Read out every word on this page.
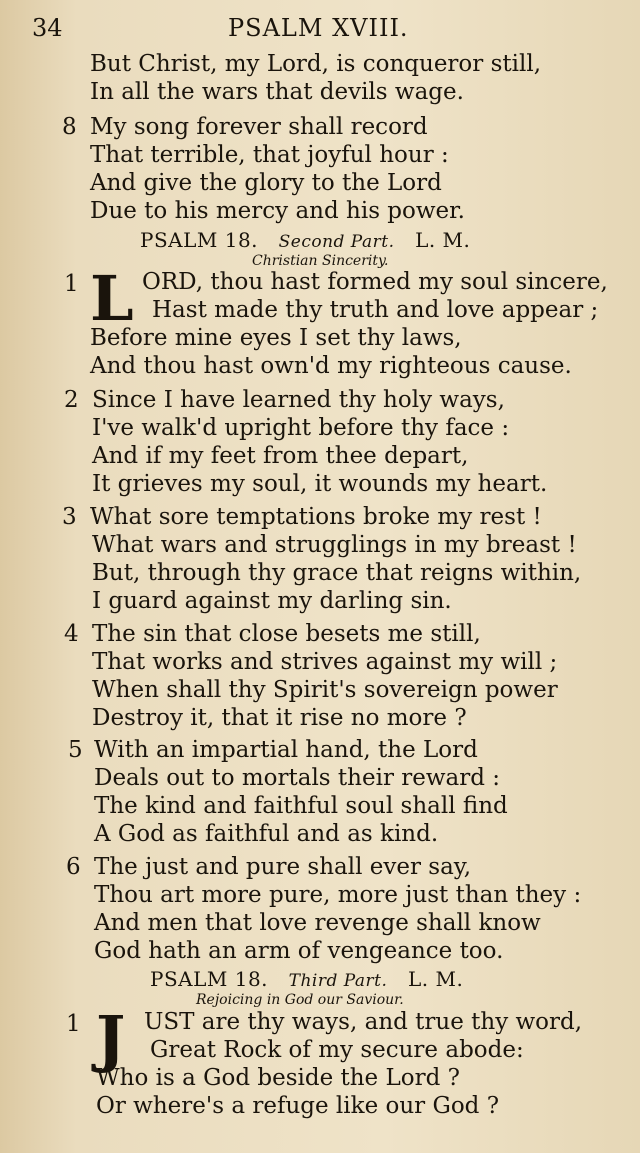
34	PSALM XVIII.
But Christ, my Lord, is conqueror still,
In all the wars that devils wage.
8 My song forever shall record
That terrible, that joyful hour :
And give the glory to the Lord
Due to his mercy and his power.
PSALM 18. Second Part. L. M.
Christian Sincerity.
1 L ORD, thou hast formed my soul sincere,
Hast made thy truth and love appear ;
Before mine eyes I set thy laws,
And thou hast own'd my righteous cause.
2 Since I have learned thy holy ways,
I've walk'd upright before thy face :
And if my feet from thee depart,
It grieves my soul, it wounds my heart.
3 What sore temptations broke my rest !
What wars and strugglings in my breast !
But, through thy grace that reigns within,
I guard against my darling sin.
4 The sin that close besets me still,
That works and strives against my will ;
When shall thy Spirit's sovereign power
Destroy it, that it rise no more ?
5 With an impartial hand, the Lord
Deals out to mortals their reward :
The kind and faithful soul shall find
A God as faithful and as kind.
6 The just and pure shall ever say,
Thou art more pure, more just than they :
And men that love revenge shall know
God hath an arm of vengeance too.
PSALM 18. Third Part. L. M.
Rejoicing in God our Saviour.
1 J UST are thy ways, and true thy word,
Great Rock of my secure abode:
Who is a God beside the Lord ?
Or where's a refuge like our God ?
